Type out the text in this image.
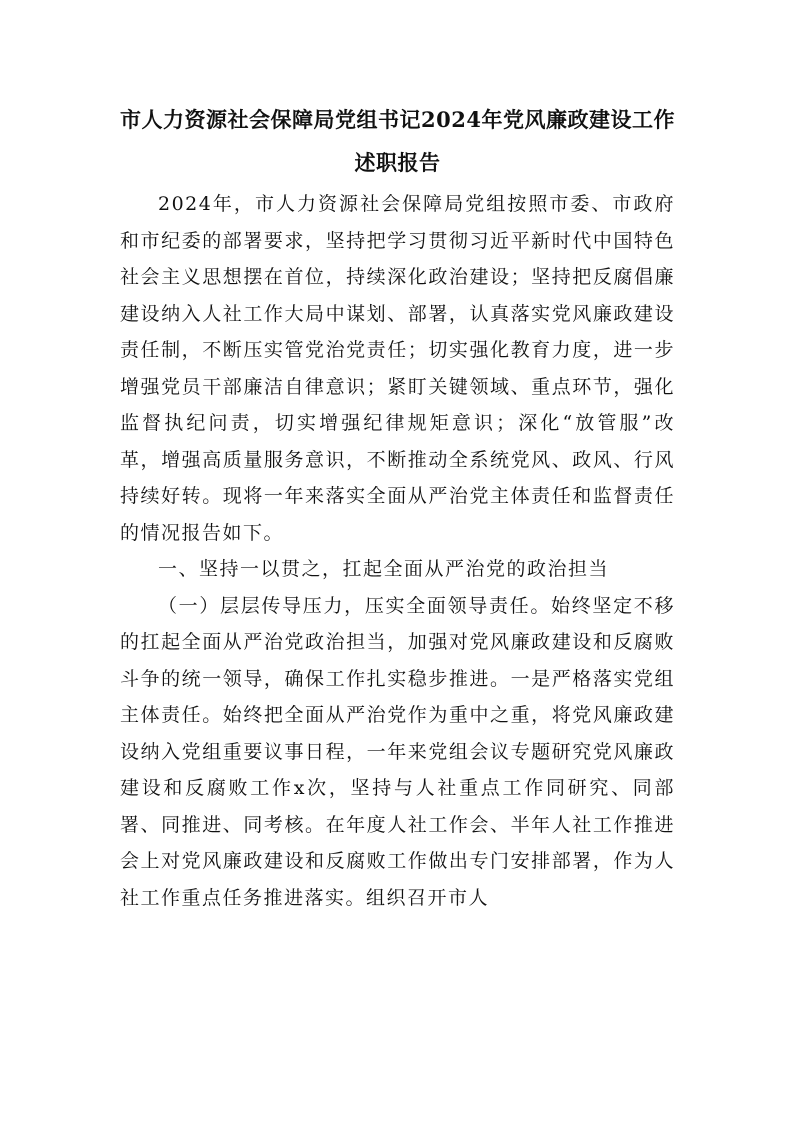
市人力资源社会保障局党组书记2024年党风廉政建设工作
述职报告

2024年，市人力资源社会保障局党组按照市委、市政府和市纪委的部署要求，坚持把学习贯彻习近平新时代中国特色社会主义思想摆在首位，持续深化政治建设；坚持把反腐倡廉建设纳入人社工作大局中谋划、部署，认真落实党风廉政建设责任制，不断压实管党治党责任；切实强化教育力度，进一步增强党员干部廉洁自律意识；紧盯关键领域、重点环节，强化监督执纪问责，切实增强纪律规矩意识；深化“放管服”改革，增强高质量服务意识，不断推动全系统党风、政风、行风持续好转。现将一年来落实全面从严治党主体责任和监督责任的情况报告如下。

一、坚持一以贯之，扛起全面从严治党的政治担当

（一）层层传导压力，压实全面领导责任。始终坚定不移的扛起全面从严治党政治担当，加强对党风廉政建设和反腐败斗争的统一领导，确保工作扎实稳步推进。一是严格落实党组主体责任。始终把全面从严治党作为重中之重，将党风廉政建设纳入党组重要议事日程，一年来党组会议专题研究党风廉政建设和反腐败工作x次，坚持与人社重点工作同研究、同部署、同推进、同考核。在年度人社工作会、半年人社工作推进会上对党风廉政建设和反腐败工作做出专门安排部署，作为人社工作重点任务推进落实。组织召开市人
